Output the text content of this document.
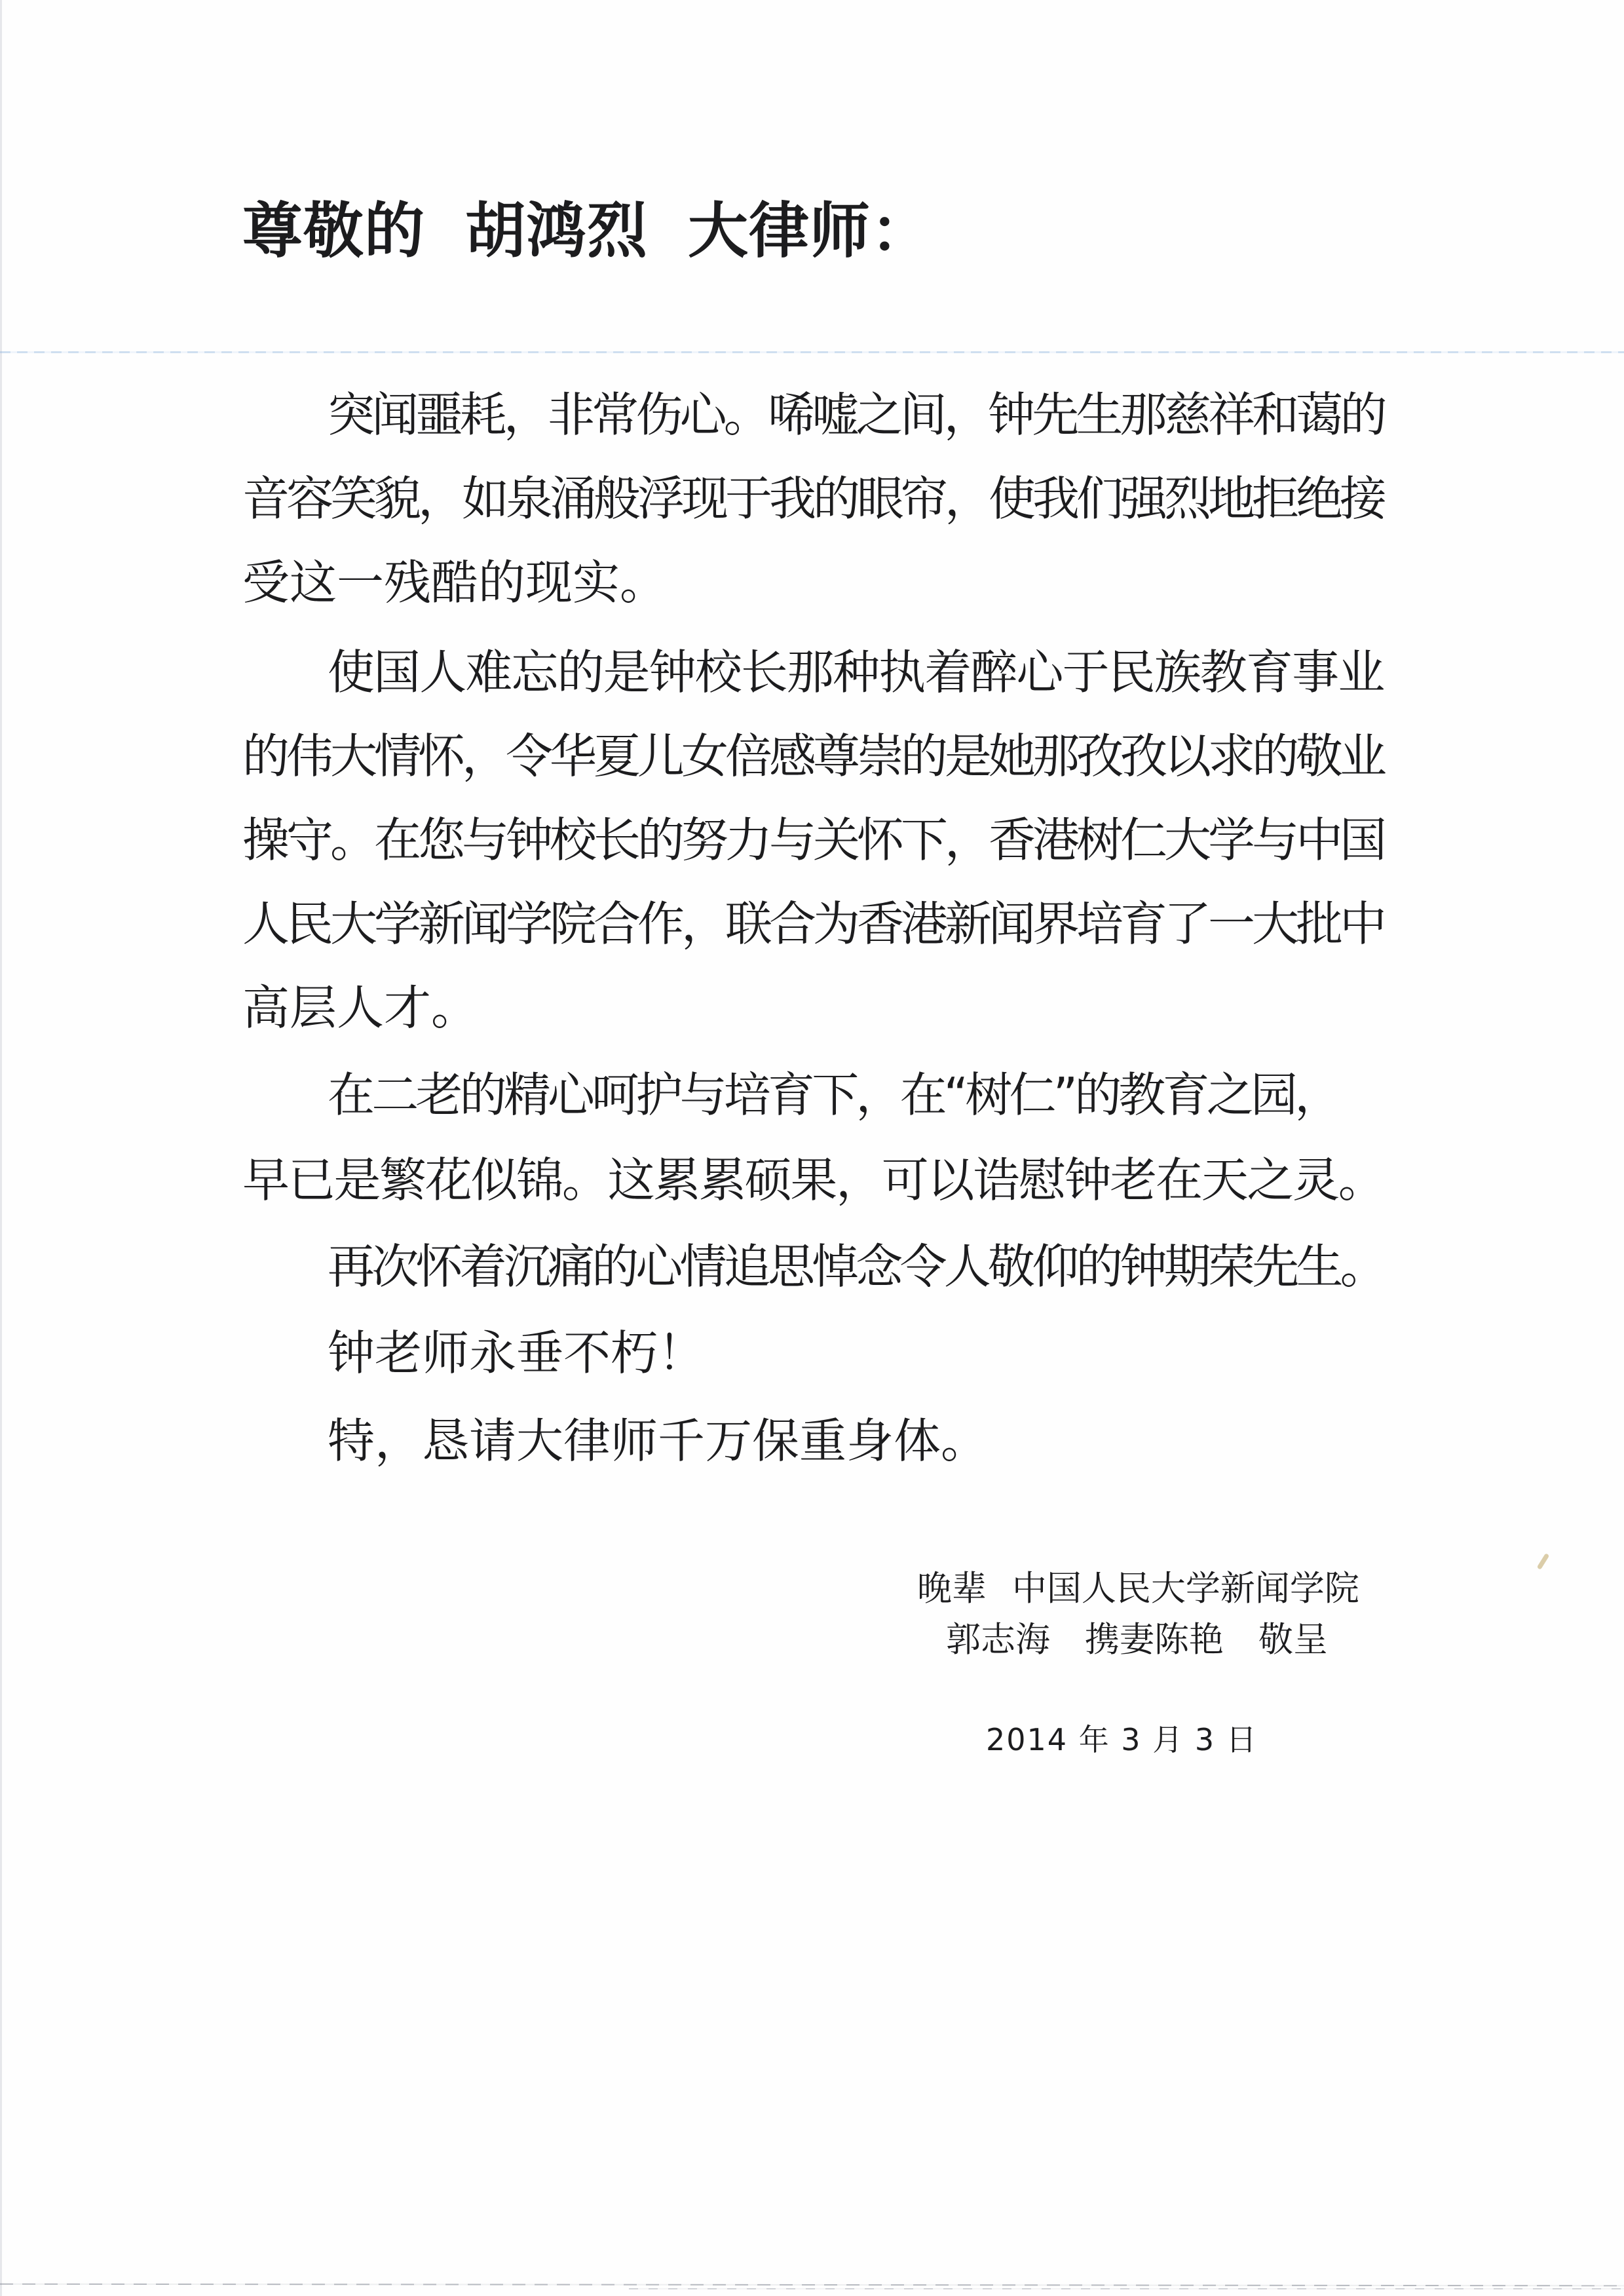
尊敬的 胡鸿烈 大律师：
突闻噩耗，非常伤心。唏嘘之间，钟先生那慈祥和蔼的
音容笑貌，如泉涌般浮现于我的眼帘，使我们强烈地拒绝接
受这一残酷的现实。
使国人难忘的是钟校长那种执着醉心于民族教育事业
的伟大情怀，令华夏儿女倍感尊崇的是她那孜孜以求的敬业
操守。在您与钟校长的努力与关怀下，香港树仁大学与中国
人民大学新闻学院合作，联合为香港新闻界培育了一大批中
高层人才。
在二老的精心呵护与培育下，在“树仁”的教育之园，
早已是繁花似锦。这累累硕果，可以诰慰钟老在天之灵。
再次怀着沉痛的心情追思悼念令人敬仰的钟期荣先生。
钟老师永垂不朽！
特，恳请大律师千万保重身体。
晚辈 中国人民大学新闻学院
郭志海　携妻陈艳　敬呈
2014 年 3 月 3 日
